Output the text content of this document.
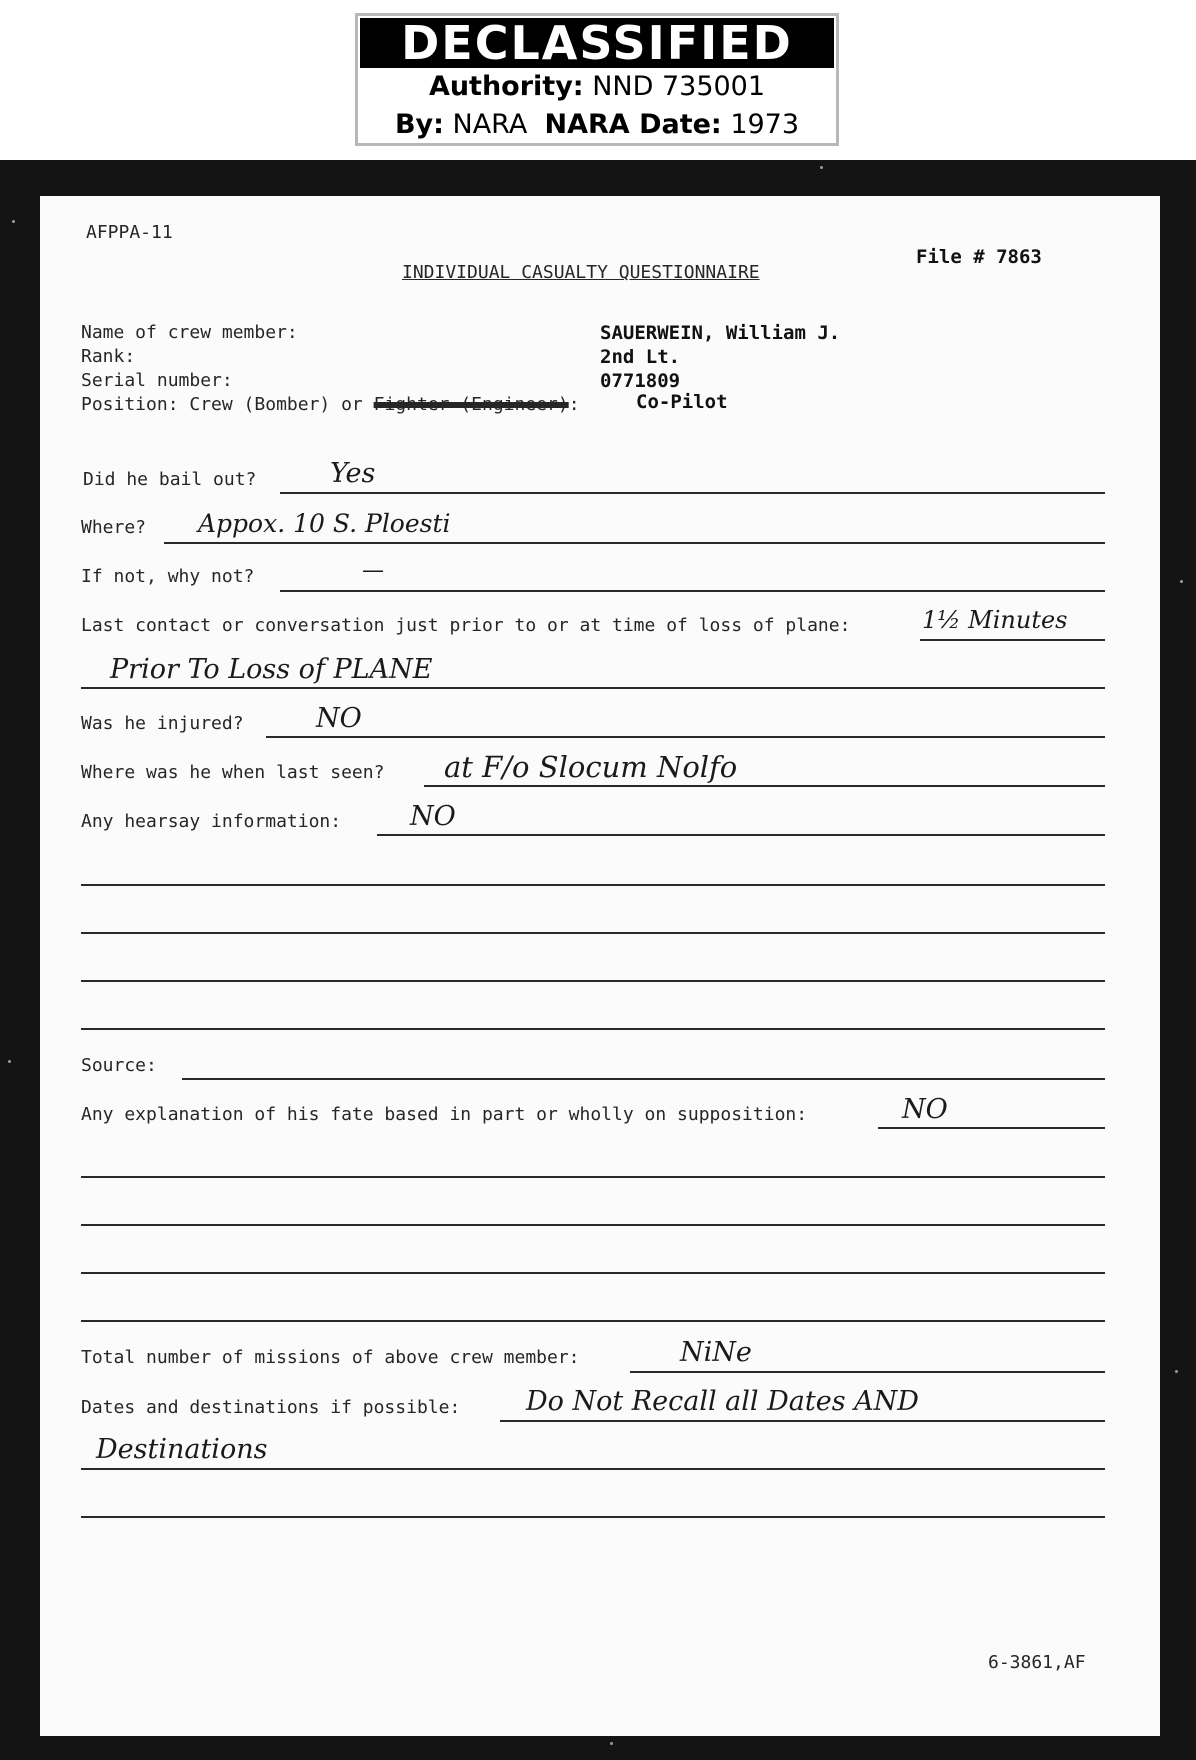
DECLASSIFIED
Authority: NND 735001
By: NARA NARA Date: 1973
AFPPA-11
INDIVIDUAL CASUALTY QUESTIONNAIRE
File # 7863
Name of crew member:	SAUERWEIN, William J.
Rank:	2nd Lt.
Serial number:	0771809
Position: Crew (Bomber) or Fighter (Engineer):	Co-Pilot
Did he bail out?	Yes
Where? Appox. 10 S. Ploesti
If not, why not?	—
Last contact or conversation just prior to or at time of loss of plane:	1½ Minutes
Prior To Loss of PLANE
Was he injured?	NO
Where was he when last seen? at F/o Slocum Nolfo
Any hearsay information:	NO
Source:
Any explanation of his fate based in part or wholly on supposition:	NO
Total number of missions of above crew member:	NiNe
Dates and destinations if possible: Do Not Recall all Dates AND
Destinations
6-3861,AF
